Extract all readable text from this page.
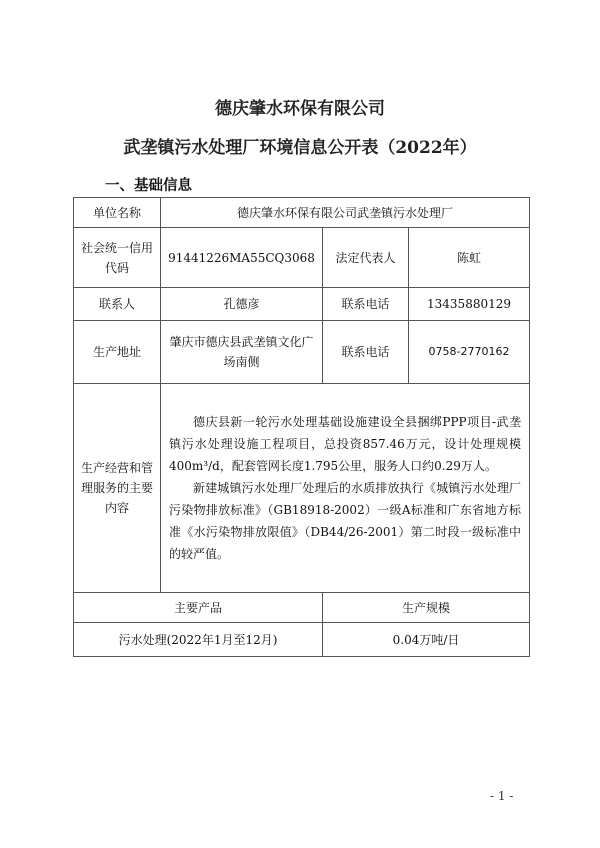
德庆肇水环保有限公司
武垄镇污水处理厂环境信息公开表（2022年）
一、基础信息
单位名称	德庆肇水环保有限公司武垄镇污水处理厂		
社会统一信用代码	91441226MA55CQ3068	法定代表人	陈虹
联系人	孔德彦	联系电话	13435880129
生产地址	肇庆市德庆县武垄镇文化广场南侧	联系电话	0758-2770162
生产经营和管理服务的主要内容	德庆县新一轮污水处理基础设施建设全县捆绑PPP项目-武垄镇污水处理设施工程项目，总投资857.46万元，设计处理规模400m³/d，配套管网长度1.795公里，服务人口约0.29万人。

新建城镇污水处理厂处理后的水质排放执行《城镇污水处理厂污染物排放标准》（GB18918-2002）一级A标准和广东省地方标准《水污染物排放限值》（DB44/26-2001）第二时段一级标准中的较严值。		

主要产品		生产规模	
污水处理(2022年1月至12月)		0.04万吨/日	
- 1 -
